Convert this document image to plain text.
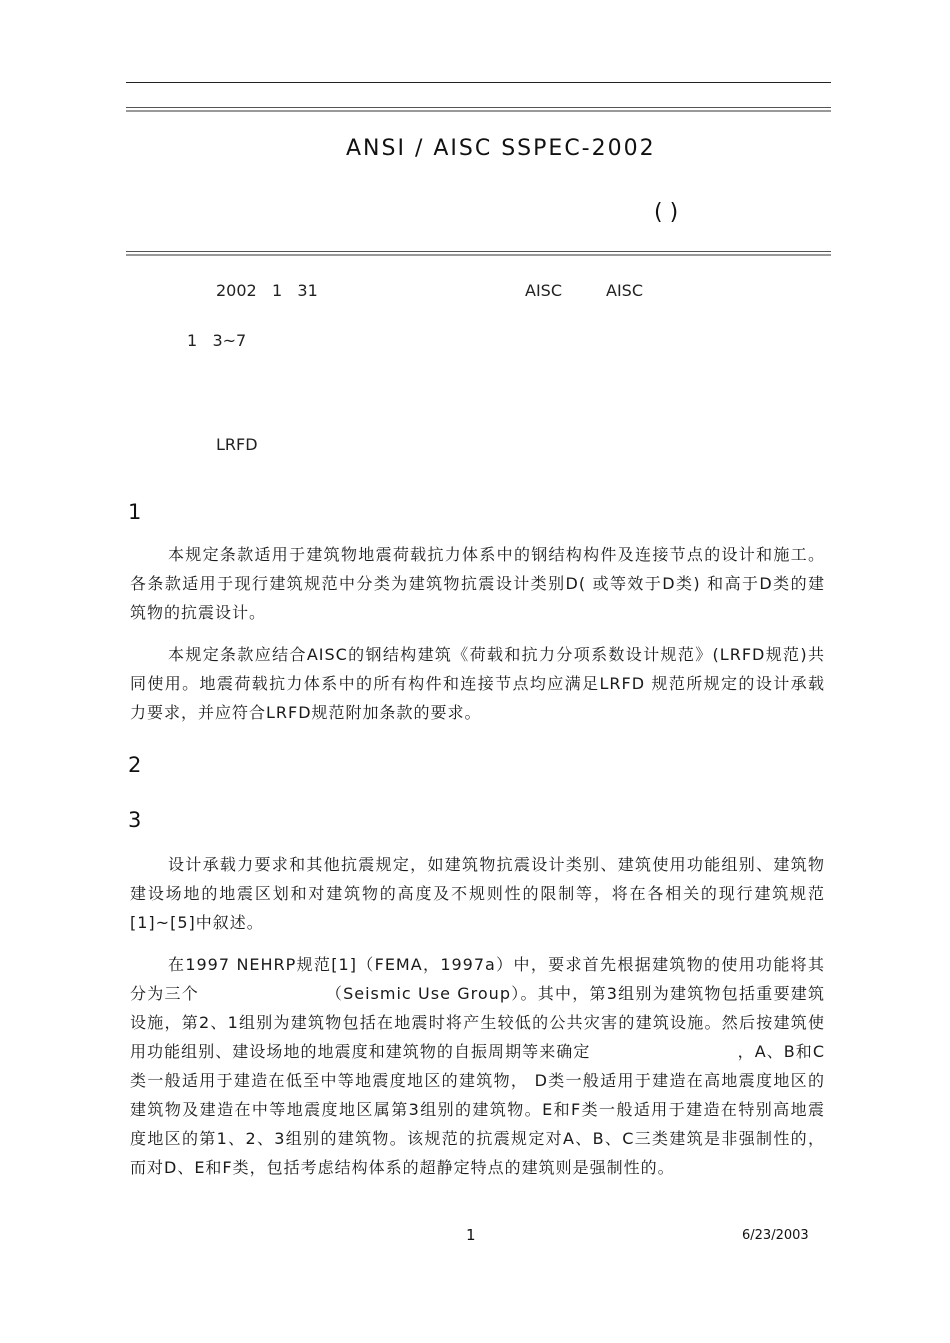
ANSI / AISC SSPEC-2002
( )
2002   1   31	AISC	AISC
1   3~7
LRFD
1

本规定条款适用于建筑物地震荷载抗力体系中的钢结构构件及连接节点的设计和施工。各条款适用于现行建筑规范中分类为建筑物抗震设计类别D( 或等效于D类) 和高于D类的建筑物的抗震设计。

本规定条款应结合AISC的钢结构建筑《荷载和抗力分项系数设计规范》(LRFD规范)共同使用。地震荷载抗力体系中的所有构件和连接节点均应满足LRFD 规范所规定的设计承载力要求，并应符合LRFD规范附加条款的要求。

2
3

设计承载力要求和其他抗震规定，如建筑物抗震设计类别、建筑使用功能组别、建筑物建设场地的地震区划和对建筑物的高度及不规则性的限制等，将在各相关的现行建筑规范[1]~[5]中叙述。

在1997 NEHRP规范[1]（FEMA，1997a）中，要求首先根据建筑物的使用功能将其分为三个                    （Seismic Use Group）。其中，第3组别为建筑物包括重要建筑设施，第2、1组别为建筑物包括在地震时将产生较低的公共灾害的建筑设施。然后按建筑使用功能组别、建设场地的地震度和建筑物的自振周期等来确定                        ，A、B和C类一般适用于建造在低至中等地震度地区的建筑物， D类一般适用于建造在高地震度地区的建筑物及建造在中等地震度地区属第3组别的建筑物。E和F类一般适用于建造在特别高地震度地区的第1、2、3组别的建筑物。该规范的抗震规定对A、B、C三类建筑是非强制性的，而对D、E和F类，包括考虑结构体系的超静定特点的建筑则是强制性的。

1	6/23/2003
